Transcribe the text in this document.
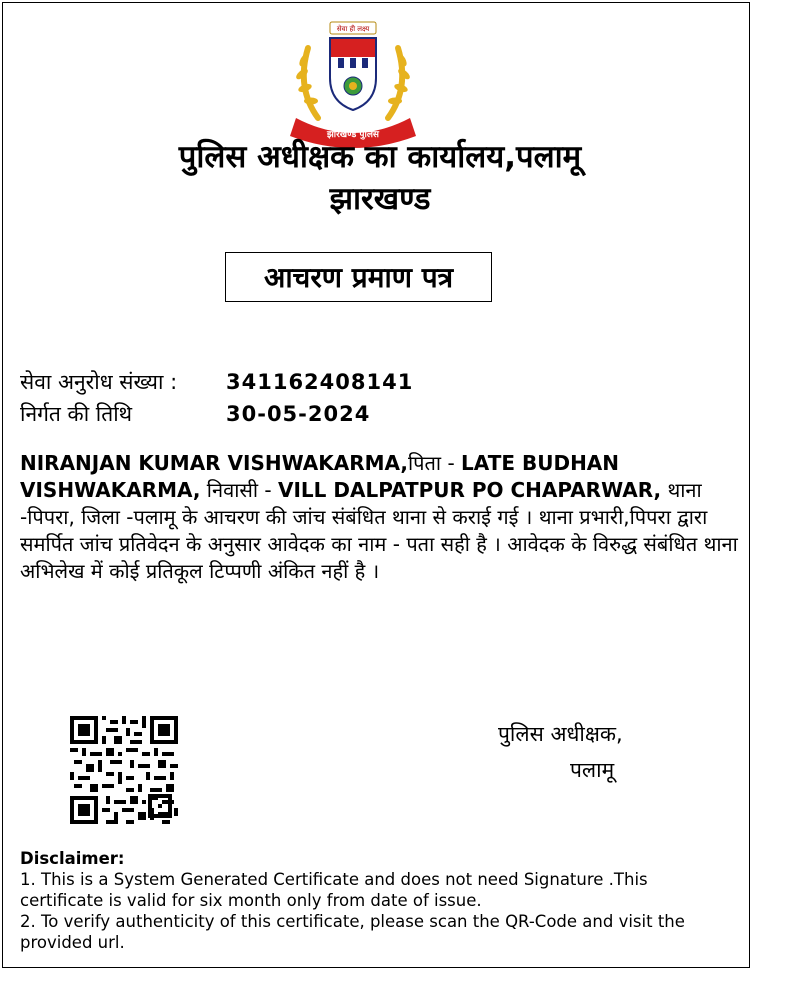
सेवा ही लक्ष्य
झारखण्ड पुलिस
पुलिस अधीक्षक का कार्यालय,पलामू
झारखण्ड
आचरण प्रमाण पत्र
सेवा अनुरोध संख्या :	341162408141
निर्गत की तिथि	30-05-2024
NIRANJAN KUMAR VISHWAKARMA,पिता - LATE BUDHAN VISHWAKARMA, निवासी - VILL DALPATPUR PO CHAPARWAR, थाना -पिपरा, जिला -पलामू के आचरण की जांच संबंधित थाना से कराई गई । थाना प्रभारी,पिपरा द्वारा समर्पित जांच प्रतिवेदन के अनुसार आवेदक का नाम - पता सही है । आवेदक के विरुद्ध संबंधित थाना अभिलेख में कोई प्रतिकूल टिप्पणी अंकित नहीं है ।
पुलिस अधीक्षक,
पलामू
Disclaimer:
1. This is a System Generated Certificate and does not need Signature .This certificate is valid for six month only from date of issue.
2. To verify authenticity of this certificate, please scan the QR-Code and visit the provided url.
